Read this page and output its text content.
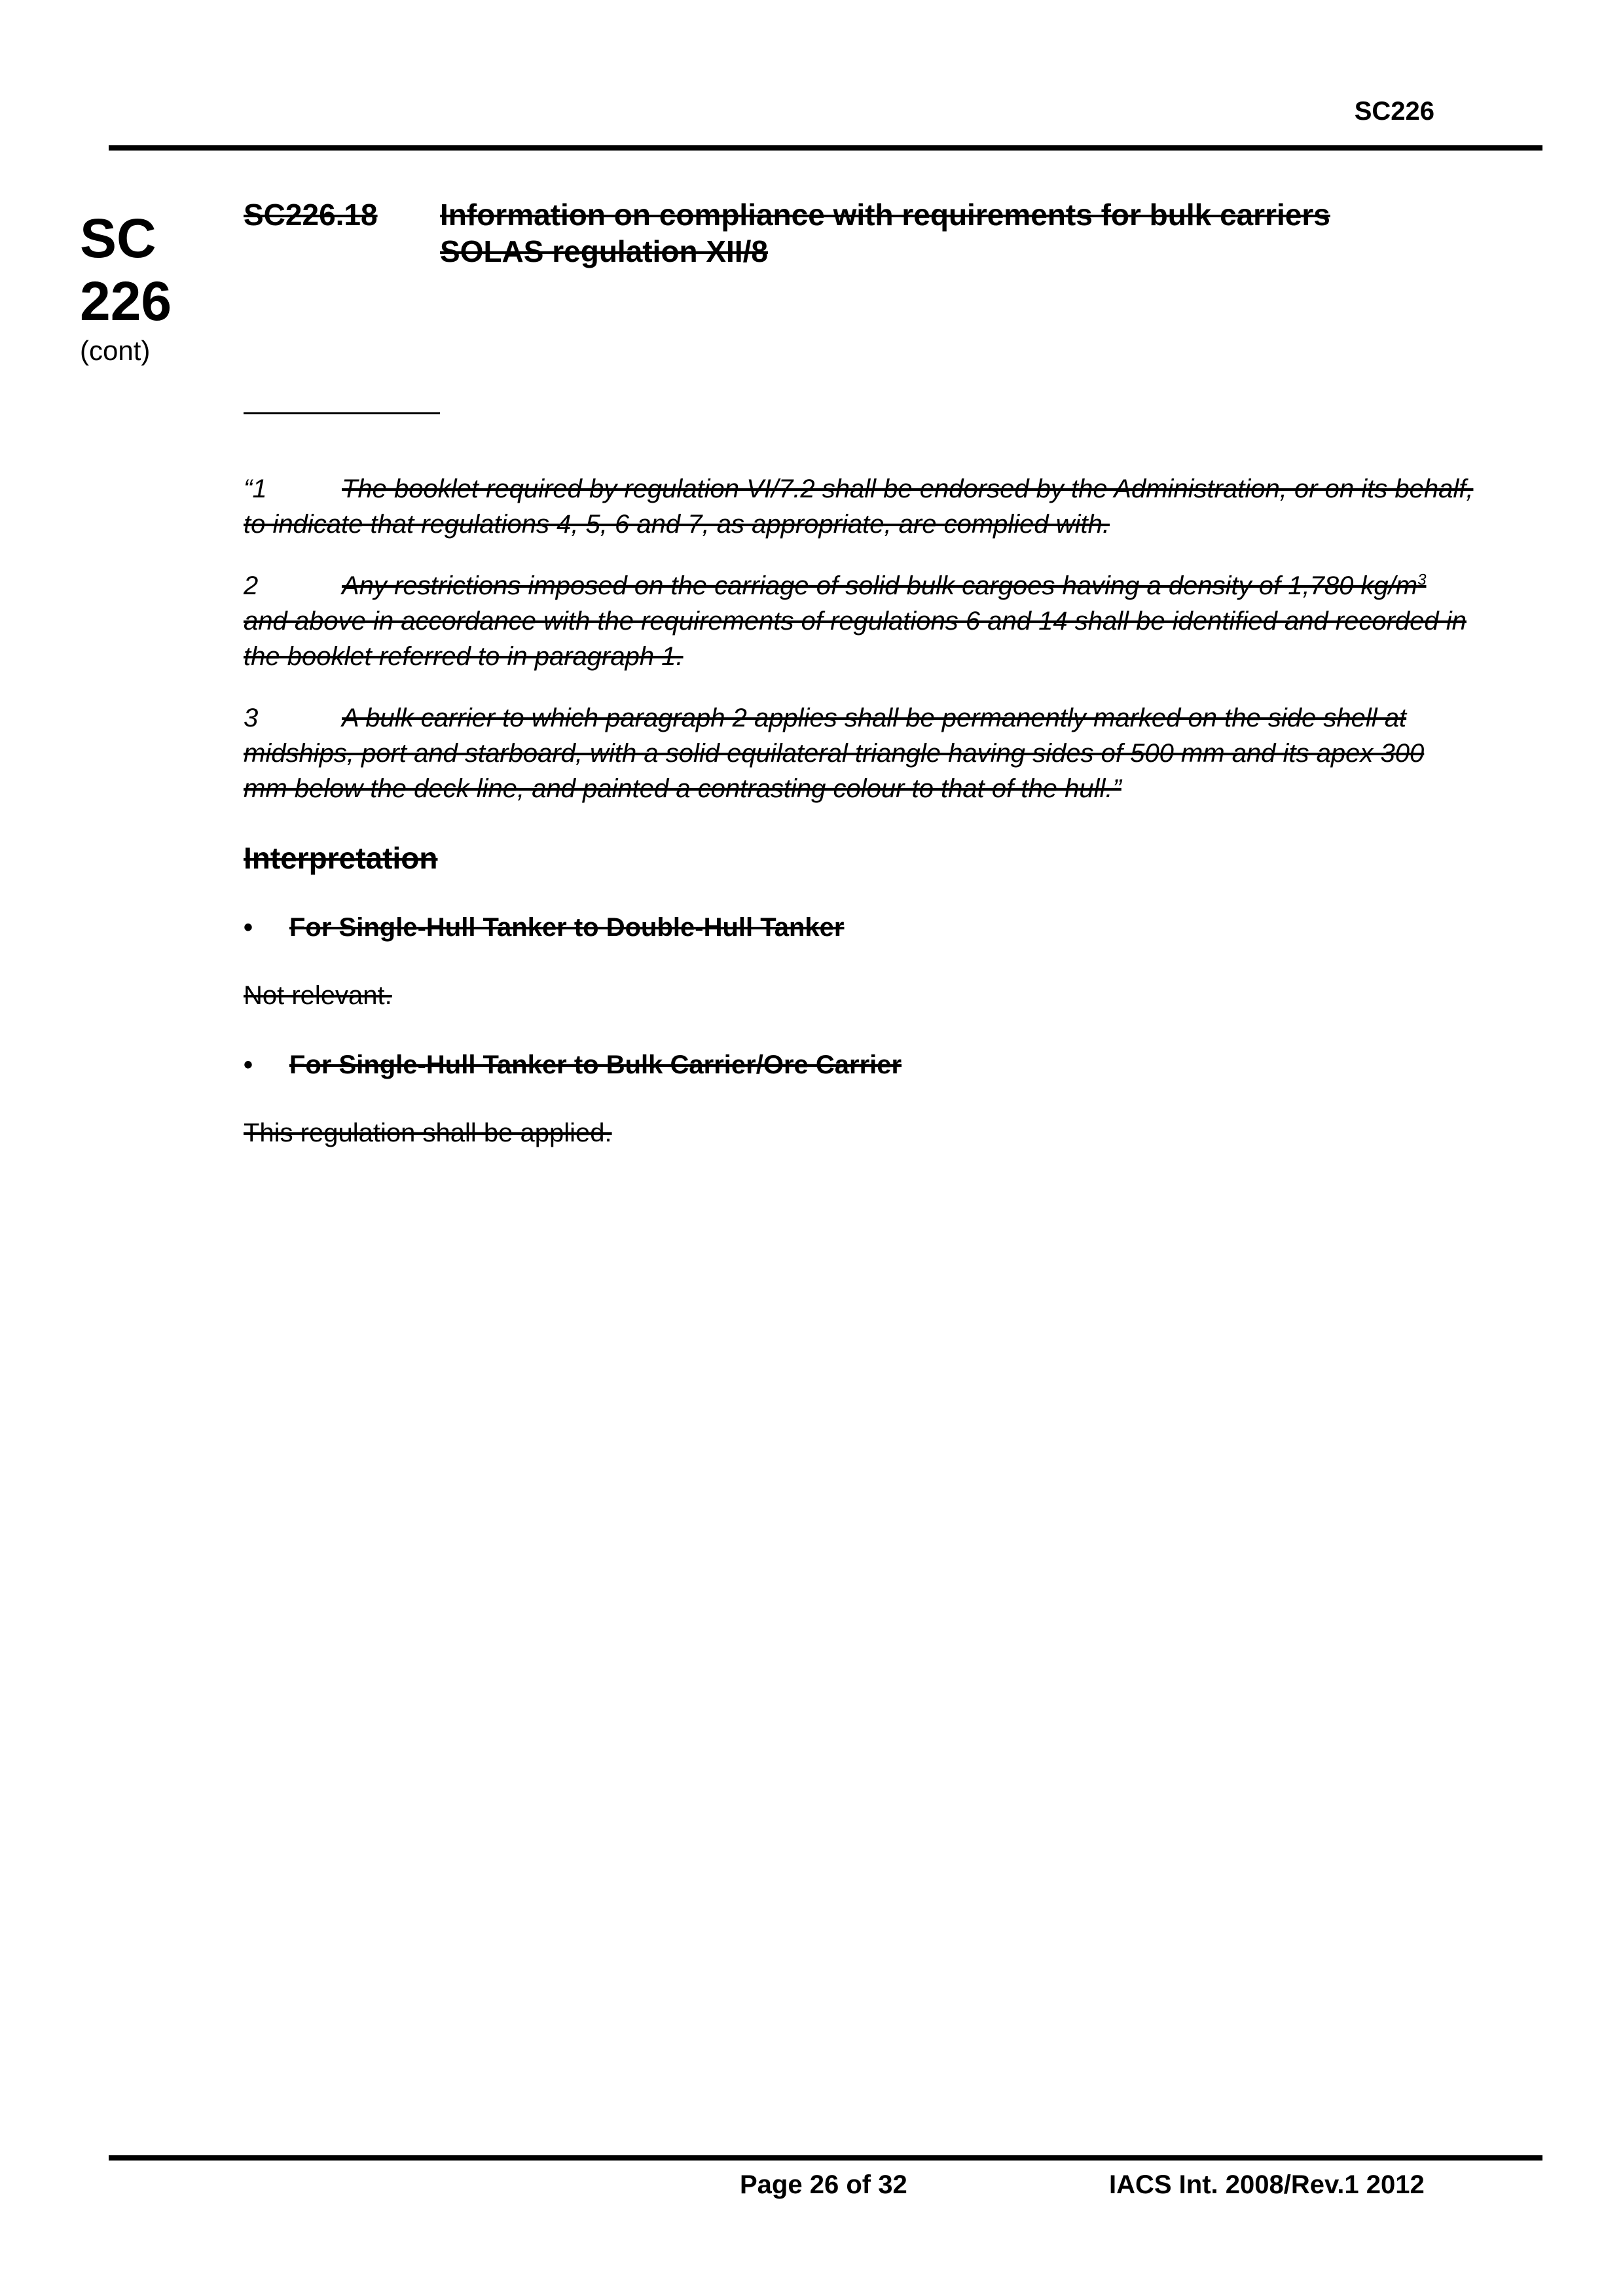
SC226
SC
226
(cont)
SC226.18	Information on compliance with requirements for bulk carriers
SOLAS regulation XII/8
“1	The booklet required by regulation VI/7.2 shall be endorsed by the Administration, or on its behalf, to indicate that regulations 4, 5, 6 and 7, as appropriate, are complied with.
2	Any restrictions imposed on the carriage of solid bulk cargoes having a density of 1,780 $kg/m^3$ and above in accordance with the requirements of regulations 6 and 14 shall be identified and recorded in the booklet referred to in paragraph 1.
3	A bulk carrier to which paragraph 2 applies shall be permanently marked on the side shell at midships, port and starboard, with a solid equilateral triangle having sides of 500 mm and its apex 300 mm below the deck line, and painted a contrasting colour to that of the hull.”
Interpretation
• For Single-Hull Tanker to Double-Hull Tanker
Not relevant.
• For Single-Hull Tanker to Bulk Carrier/Ore Carrier
This regulation shall be applied.
Page 26 of 32	IACS Int. 2008/Rev.1 2012
